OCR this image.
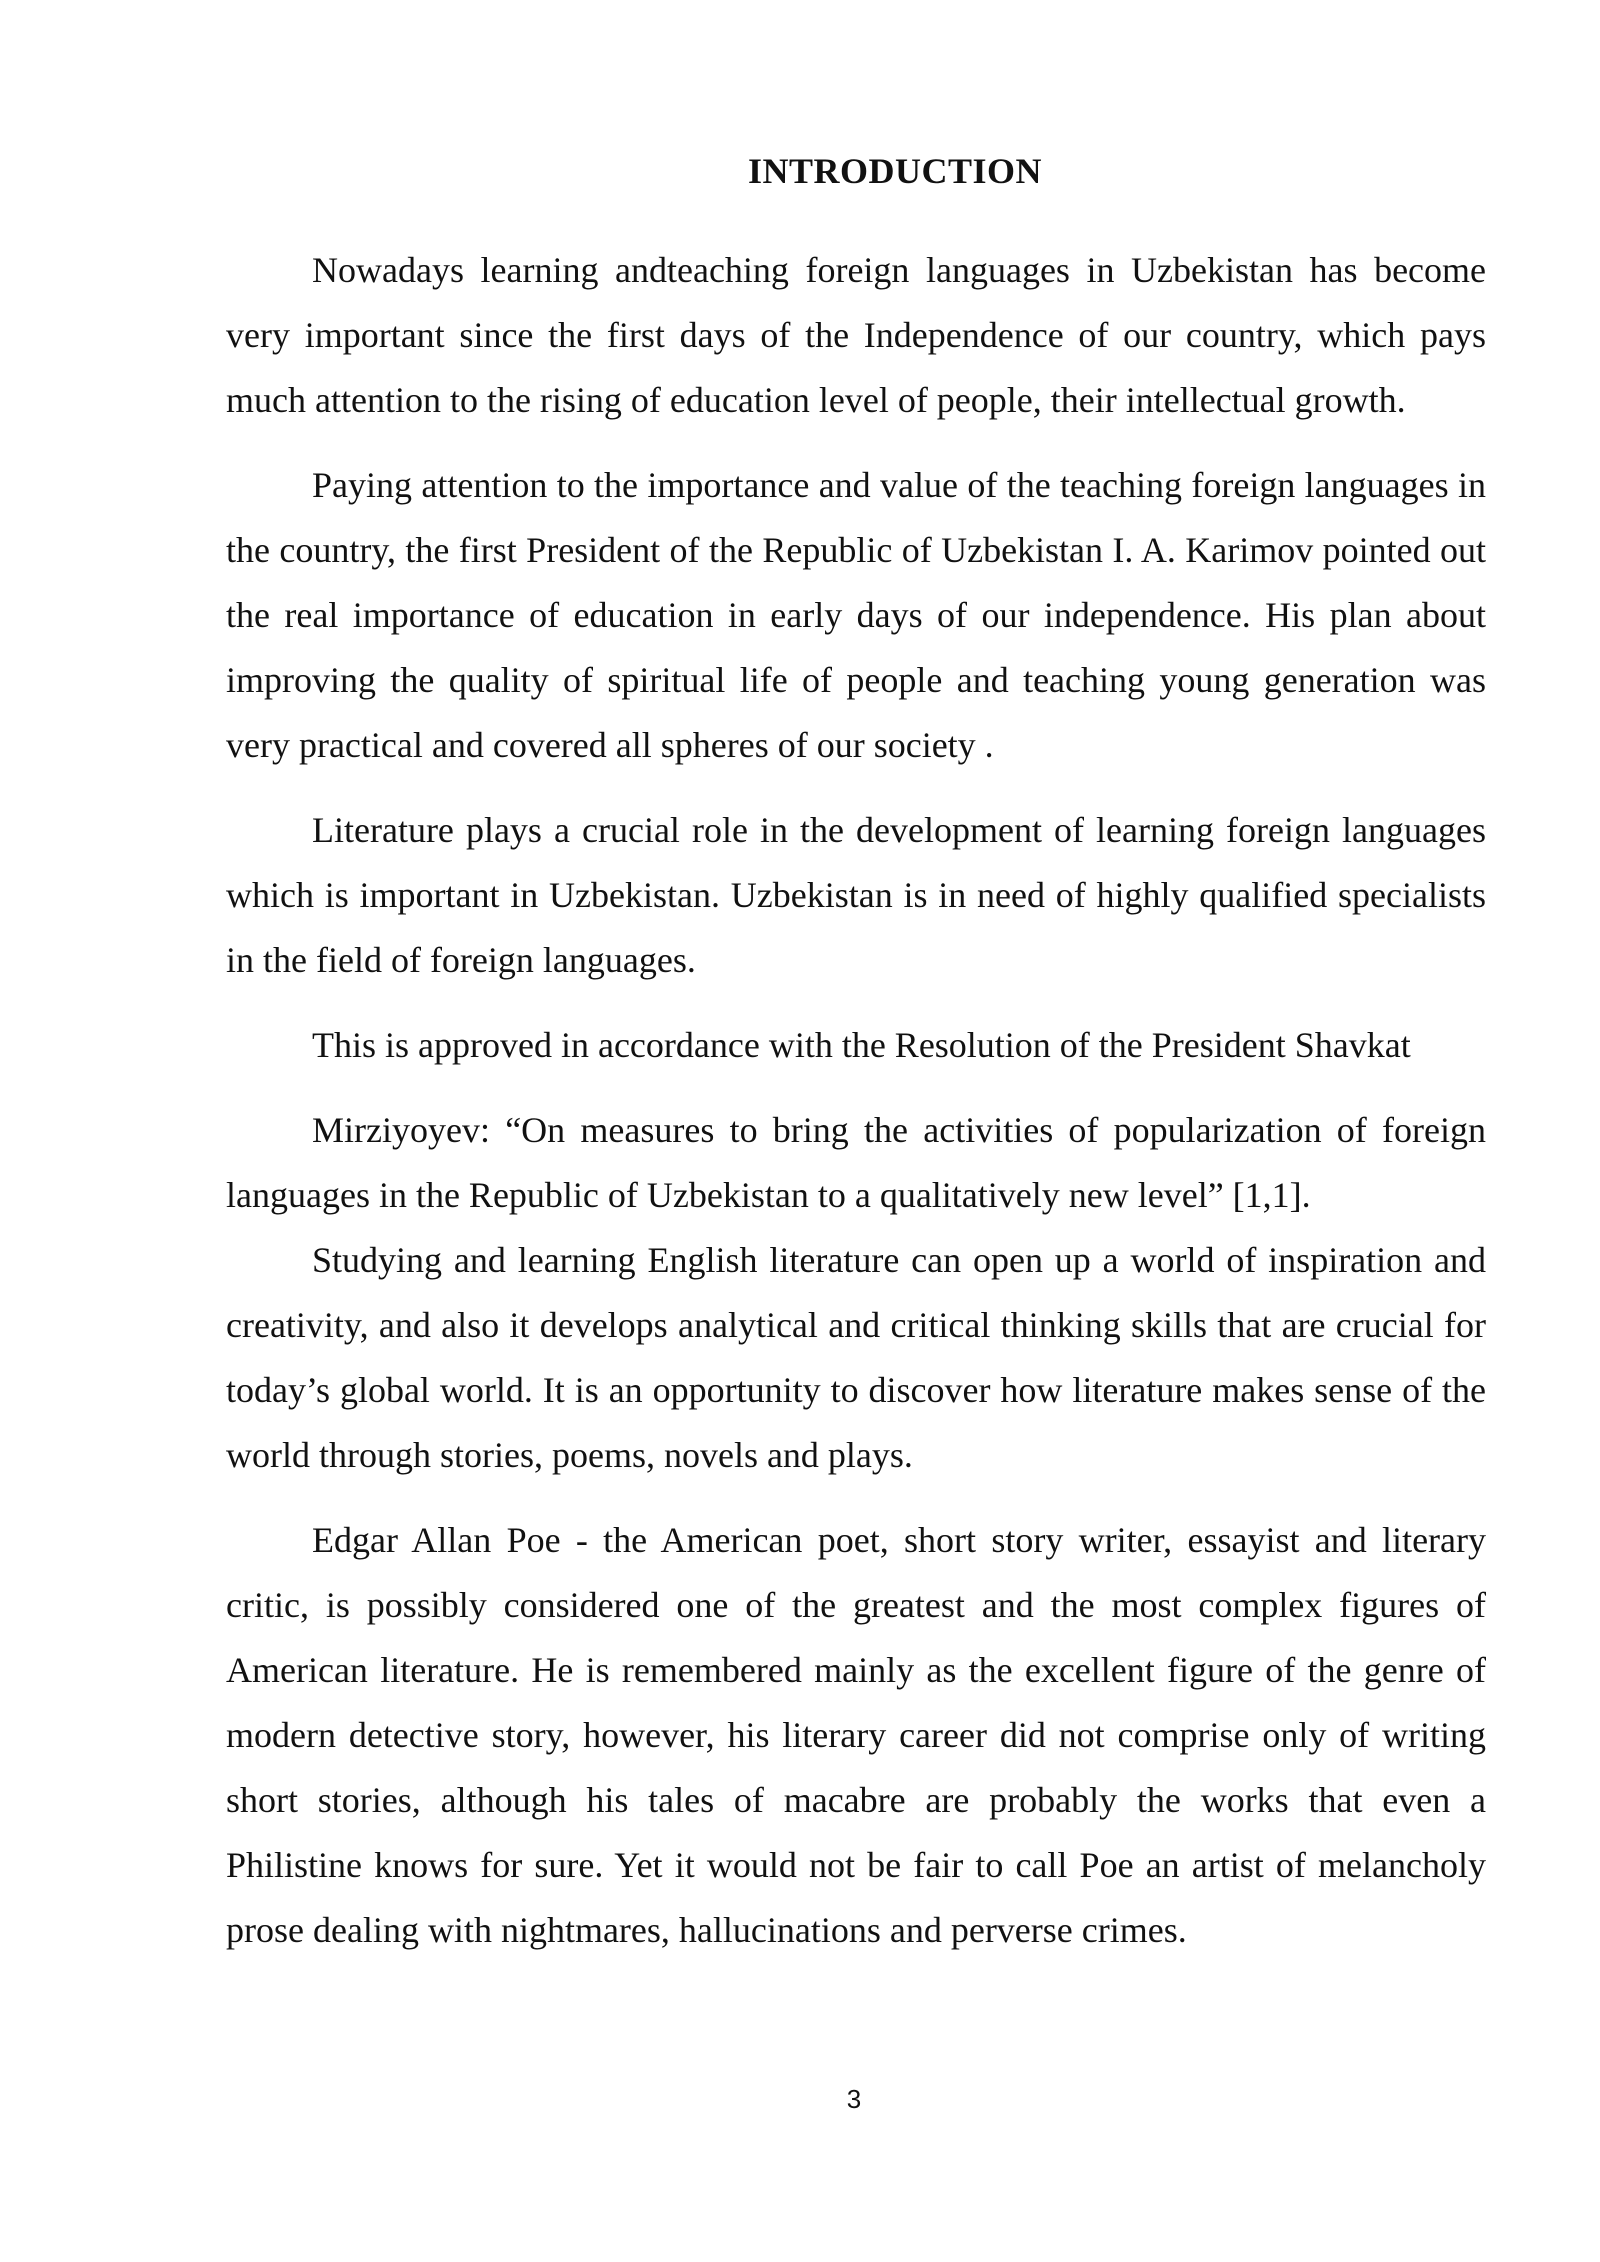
INTRODUCTION

Nowadays learning andteaching foreign languages in Uzbekistan has become very important since the first days of the Independence of our country, which pays much attention to the rising of education level of people, their intellectual growth.

Paying attention to the importance and value of the teaching foreign languages in the country, the first President of the Republic of Uzbekistan I. A. Karimov pointed out the real importance of education in early days of our independence. His plan about improving the quality of spiritual life of people and teaching young generation was very practical and covered all spheres of our society .

Literature plays a crucial role in the development of learning foreign languages which is important in Uzbekistan. Uzbekistan is in need of highly qualified specialists in the field of foreign languages.

This is approved in accordance with the Resolution of the President Shavkat

Mirziyoyev: “On measures to bring the activities of popularization of foreign languages in the Republic of Uzbekistan to a qualitatively new level” [1,1].

Studying and learning English literature can open up a world of inspiration and creativity, and also it develops analytical and critical thinking skills that are crucial for today’s global world. It is an opportunity to discover how literature makes sense of the world through stories, poems, novels and plays.

Edgar Allan Poe - the American poet, short story writer, essayist and literary critic, is possibly considered one of the greatest and the most complex figures of American literature. He is remembered mainly as the excellent figure of the genre of modern detective story, however, his literary career did not comprise only of writing short stories, although his tales of macabre are probably the works that even a Philistine knows for sure. Yet it would not be fair to call Poe an artist of melancholy prose dealing with nightmares, hallucinations and perverse crimes.

3
